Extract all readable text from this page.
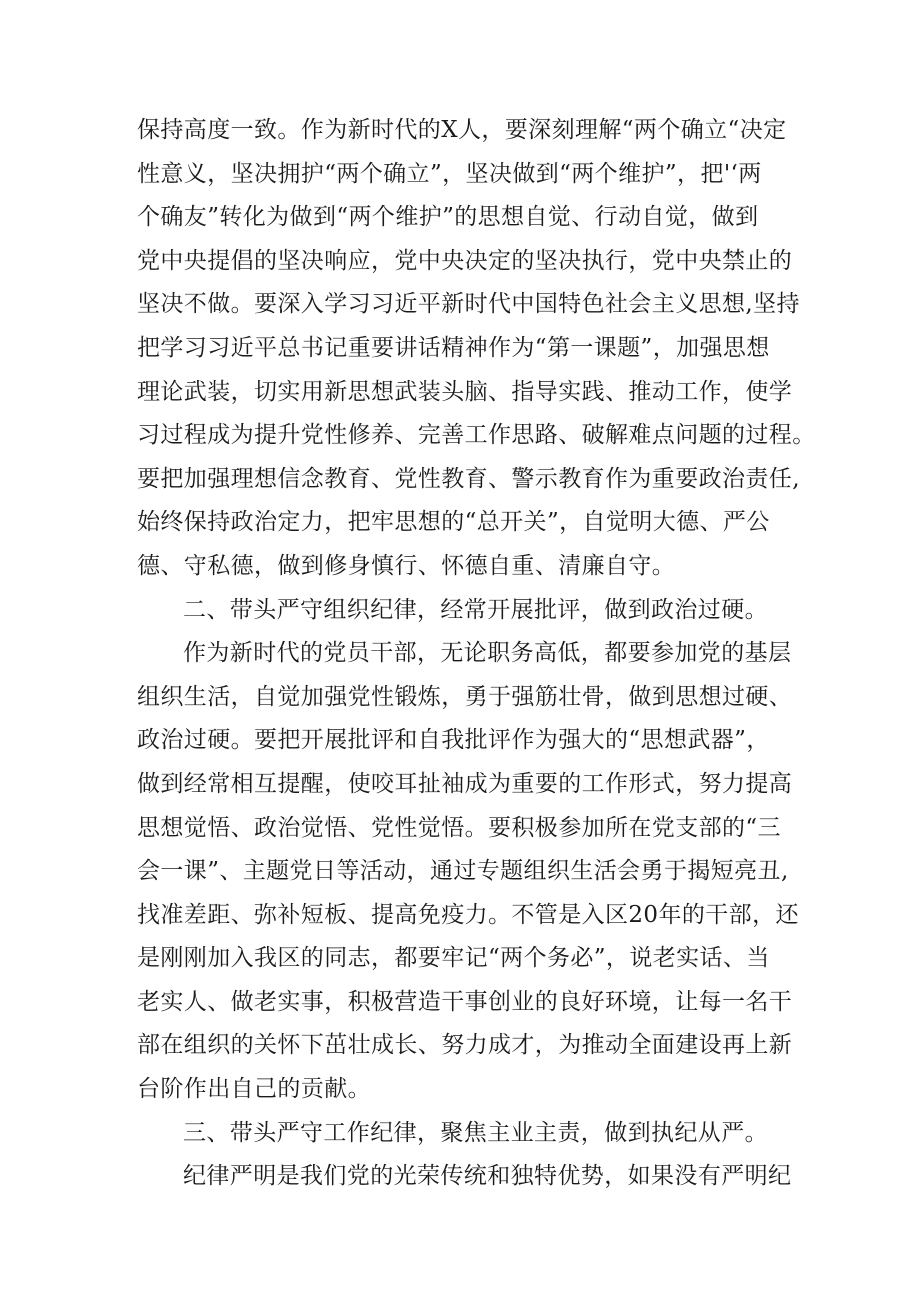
保持高度一致。作为新时代的X人，要深刻理解“两个确立“决定
性意义，坚决拥护“两个确立”，坚决做到“两个维护”，把'‘两
个确友”转化为做到“两个维护”的思想自觉、行动自觉，做到
党中央提倡的坚决响应，党中央决定的坚决执行，党中央禁止的
坚决不做。要深入学习习近平新时代中国特色社会主义思想,坚持
把学习习近平总书记重要讲话精神作为“第一课题”，加强思想
理论武装，切实用新思想武装头脑、指导实践、推动工作，使学
习过程成为提升党性修养、完善工作思路、破解难点问题的过程。
要把加强理想信念教育、党性教育、警示教育作为重要政治责任,
始终保持政治定力，把牢思想的“总开关”，自觉明大德、严公
德、守私德，做到修身慎行、怀德自重、清廉自守。
二、带头严守组织纪律，经常开展批评，做到政治过硬。
作为新时代的党员干部，无论职务高低，都要参加党的基层
组织生活，自觉加强党性锻炼，勇于强筋壮骨，做到思想过硬、
政治过硬。要把开展批评和自我批评作为强大的“思想武器”，
做到经常相互提醒，使咬耳扯袖成为重要的工作形式，努力提高
思想觉悟、政治觉悟、党性觉悟。要积极参加所在党支部的“三
会一课”、主题党日等活动，通过专题组织生活会勇于揭短亮丑,
找准差距、弥补短板、提高免疫力。不管是入区20年的干部，还
是刚刚加入我区的同志，都要牢记“两个务必”，说老实话、当
老实人、做老实事，积极营造干事创业的良好环境，让每一名干
部在组织的关怀下茁壮成长、努力成才，为推动全面建设再上新
台阶作出自己的贡献。
三、带头严守工作纪律，聚焦主业主责，做到执纪从严。
纪律严明是我们党的光荣传统和独特优势，如果没有严明纪
